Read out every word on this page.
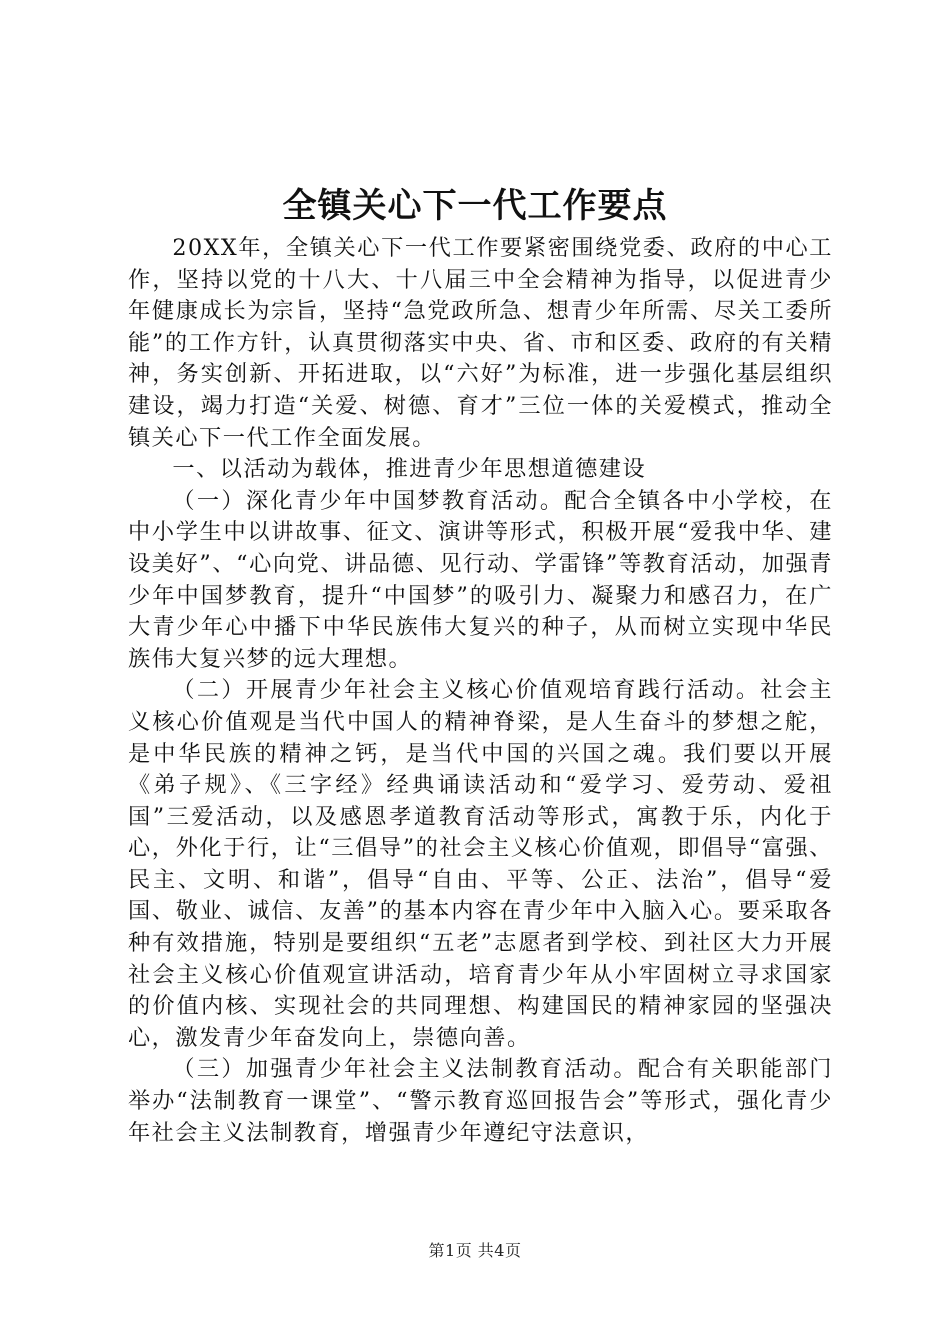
全镇关心下一代工作要点

20XX年，全镇关心下一代工作要紧密围绕党委、政府的中心工作，坚持以党的十八大、十八届三中全会精神为指导，以促进青少年健康成长为宗旨，坚持“急党政所急、想青少年所需、尽关工委所能”的工作方针，认真贯彻落实中央、省、市和区委、政府的有关精神，务实创新、开拓进取，以“六好”为标准，进一步强化基层组织建设，竭力打造“关爱、树德、育才”三位一体的关爱模式，推动全镇关心下一代工作全面发展。

一、以活动为载体，推进青少年思想道德建设

（一）深化青少年中国梦教育活动。配合全镇各中小学校，在中小学生中以讲故事、征文、演讲等形式，积极开展“爱我中华、建设美好”、“心向党、讲品德、见行动、学雷锋”等教育活动，加强青少年中国梦教育，提升“中国梦”的吸引力、凝聚力和感召力，在广大青少年心中播下中华民族伟大复兴的种子，从而树立实现中华民族伟大复兴梦的远大理想。

（二）开展青少年社会主义核心价值观培育践行活动。社会主义核心价值观是当代中国人的精神脊梁，是人生奋斗的梦想之舵，是中华民族的精神之钙，是当代中国的兴国之魂。我们要以开展《弟子规》、《三字经》经典诵读活动和“爱学习、爱劳动、爱祖国”三爱活动，以及感恩孝道教育活动等形式，寓教于乐，内化于心，外化于行，让“三倡导”的社会主义核心价值观，即倡导“富强、民主、文明、和谐”，倡导“自由、平等、公正、法治”，倡导“爱国、敬业、诚信、友善”的基本内容在青少年中入脑入心。要采取各种有效措施，特别是要组织“五老”志愿者到学校、到社区大力开展社会主义核心价值观宣讲活动，培育青少年从小牢固树立寻求国家的价值内核、实现社会的共同理想、构建国民的精神家园的坚强决心，激发青少年奋发向上，崇德向善。

（三）加强青少年社会主义法制教育活动。配合有关职能部门举办“法制教育一课堂”、“警示教育巡回报告会”等形式，强化青少年社会主义法制教育，增强青少年遵纪守法意识，

第1页 共4页
